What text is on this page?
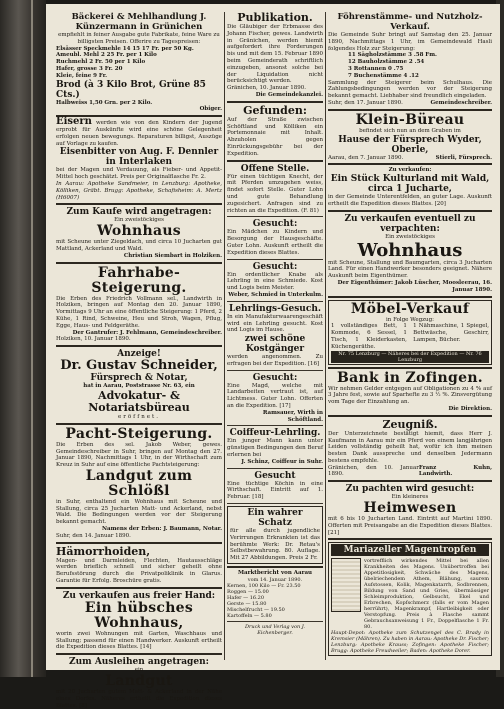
Bäckerei & Mehlhandlung J. Künzermann in Grünichen
empfiehlt in feiner Ausgabe gute Fabrikate, feine Ware zu billigsten Preisen. Offerire zu Tagespreisen:
Elsässer Speckmehle 14 15 17 Fr. per 50 Kg.
Ameubl. Mehl 2 25 Fr. per 1 Kilo
Ruchmehl 2 Fr. 50 per 1 Kilo
Hafer, grosse 3 Fr. 20
Kleie, feine 9 Fr.
Brod (à 3 Kilo Brot, Grüne 85 Cts.)
Halbweiss 1,50 Grn. per 2 Kilo.
Obiger.
Eisern werden wie von den Kindern der Jugend erprobt für Auskünfte wird eine schöne Gelegenheit erfolgen neuen bewegungs. Reparaturen billigst, Auszüge auf Vorlage zu kaufen.
Eisenbitter von Aug. F. Dennler in Interlaken
bei der Magen und Verdauung, als Fieber- und Appetit-Mittel hoch geschätzt. Preis per Originalflasche Fr. 2.
In Aarau: Apotheke Sandmeier, in Lenzburg: Apotheke, Kölliken, Gräbt. Brugg: Apotheke, Schafisheim: A. Mertz (H6007)
Zum Kaufe wird angetragen:
Ein zweistöckiges
Wohnhaus
mit Scheune unter Ziegeldach, und circa 10 Jucharten gut Mattland, Ackerland und Wald.
Christian Siembart in Holziken.
Fahrhabe-Steigerung.
Die Erben des Friedrich Vollmann sel., Landwirth in Holziken, bringen auf Montag den 20. Januar 1890, Vormittags 9 Uhr an eine öffentliche Steigerung: 1 Pferd, 2 Kühe, 1 Rind, Schweine, Heu und Stroh, Wagen, Pflug, Egge, Haus- und Feldgeräthe.
Der Gantrufer: J. Fehlmann, Gemeindeschreiber.
Holziken, 10. Januar 1890.
Anzeige!
Dr. Gustav Schneider,
Fürsprech & Notar,
hat in Aarau, Poststrasse Nr. 63, ein
Advokatur- & Notariatsbüreau
eröffnet.
Pacht-Steigerung.
Die Erben des sel. Jakob Weber, gewes. Gemeindeschreiber in Suhr, bringen auf Montag den 27. Januar 1890, Nachmittags 1 Uhr, in der Wirthschaft zum Kreuz in Suhr auf eine öffentliche Pachtsteigerung:
Landgut zum Schlößl
in Suhr, enthaltend ein Wohnhaus mit Scheune und Stallung, circa 25 Jucharten Matt- und Ackerland, nebst Wald. Die Bedingungen werden vor der Steigerung bekannt gemacht.
Namens der Erben: J. Baumann, Notar.
Suhr, den 14. Januar 1890.
Hämorrhoiden,
Magen- und Darmleiden, Flechten, Hautausschläge werden brieflich schnell und sicher geheilt ohne Berufsstörung durch die Privatpoliklinik in Glarus. Garantie für Erfolg. Broschüre gratis.
Zu verkaufen aus freier Hand:
Ein hübsches Wohnhaus,
worin zwei Wohnungen mit Garten, Waschhaus und Stallung; passend für einen Handwerker. Auskunft ertheilt die Expedition dieses Blattes. [14]
Zum Ausleihen angetragen:
ein
Landgut
mit 20 Jucharten gutem Matt- & Ackerland in der Nähe eines Dorfes. Näheres ertheilt die Expedition dieses Blattes. [8]
Publikation.
Die Gläubiger der Erbmasse des Johann Fischer, gewes. Landwirth in Gränichen, werden hiemit aufgefordert ihre Forderungen bis und mit dem 15. Februar 1890 beim Gemeinderath schriftlich einzugeben, ansonst solche bei der Liquidation nicht berücksichtigt werden.
Gränichen, 10. Januar 1890.
Die Gemeindekanzlei.
Gefunden:
Auf der Straße zwischen Schöftland und Kölliken ein Portemonnaie mit Inhalt. Abzuholen gegen Einrückungsgebühr bei der Expedition.
Offene Stelle.
Für einen tüchtigen Knecht, der mit Pferden umzugehen weiss, findet sofort Stelle. Guter Lohn und gute Behandlung zugesichert. Anfragen sind zu richten an die Expedition. (F. 81)
Gesucht:
Ein Mädchen zu Kindern und Besorgung der Hausgeschäfte. Guter Lohn. Auskunft ertheilt die Expedition dieses Blattes.
Gesucht:
Ein ordentlicher Knabe als Lehrling in eine Schmiede. Kost und Logis beim Meister.
Weber, Schmied in Unterkulm.
Lehrlings-Gesuch.
In ein Manufakturwaarengeschäft wird ein Lehrling gesucht. Kost und Logis im Hause.
zwei schöne Kostgänger
werden angenommen. Zu erfragen bei der Expedition. [16]
Gesucht:
Eine Magd, welche mit Landarbeiten vertraut ist, auf Lichtmess. Guter Lohn. Offerten an die Expedition. [17]
Ramsauer, Wirth in Schöftland.
Coiffeur-Lehrling.
Ein junger Mann kann unter günstigen Bedingungen den Beruf erlernen bei
J. Schinz, Coiffeur in Suhr.
Gesucht
Eine tüchtige Köchin in eine Wirthschaft. Eintritt auf 1. Februar. [18]
Ein wahrer Schatz
für alle durch jugendliche Verirrungen Erkrankten ist das berühmte Werk: Dr. Retau's Selbstbewahrung. 80. Auflage. Mit 27 Abbildungen. Preis 2 Fr.
Marktbericht von Aarau
vom 14. Januar 1890.
Kernen, 100 Kilo — Fr. 23.50
Roggen — 15.00
Hafer — 16.20
Gerste — 15.80
Mischelfrucht — 19.50
Kartoffeln — 5.80
Druck und Verlag von J. Eichenberger.
Föhrenstämme- und Nutzholz-Verkauf.
Die Gemeinde Suhr bringt auf Samstag den 25. Januar 1890, Nachmittags 1 Uhr, im Gemeindewald Hasli folgendes Holz zur Steigerung:
11 Sägholzstämme 3 .58 Fm.
12 Bauholzstämme 2 .54
3 Rottannen 0 .75
7 Buchenstämme 4 .12
Sammlung der Steigerer beim Schulhaus. Die Zahlungsbedingungen werden vor der Steigerung bekannt gemacht. Liebhaber sind freundlich eingeladen.
Suhr, den 17. Januar 1890.	Gemeindeschreiber.
Klein-Büreau
befindet sich nun an dem Graben im
Hause der Fürsprech Wyder, Oberle,
Aarau, den 7. Januar 1890.	Stierli, Fürsprech.
Zu verkaufen:
Ein Stück Kulturland mit Wald, circa 1 Jucharte,
in der Gemeinde Unterentfelden, an guter Lage. Auskunft ertheilt die Expedition dieses Blattes. [20]
Zu verkaufen eventuell zu verpachten:
Ein zweistöckiges
Wohnhaus
mit Scheune, Stallung und Baumgarten, circa 3 Jucharten Land. Für einen Handwerker besonders geeignet. Nähere Auskunft beim Eigenthümer.
Der Eigenthümer: Jakob Lüscher, Moosleerau, 16. Januar 1890.
Möbel-Verkauf
in Folge Wegzug:
1 vollständiges Bett, 1 Kommode, 6 Sessel, 1 Tisch, 1 Kleiderkasten, Küchengeräthe.
1 Nähmaschine, 1 Spiegel, Bettwäsche, Geschirr, Lampen, Bücher.
Nr. 75 Lenzburg — Näheres bei der Expedition — Nr. 76 Lenzburg
Bank in Zofingen.
Wir nehmen Gelder entgegen auf Obligationen zu 4 % auf 3 Jahre fest, sowie auf Sparhefte zu 3 ½ %. Zinsvergütung vom Tage der Einzahlung an.
Die Direktion.
Zeugniß.
Der Unterzeichnete bestätigt hiemit, dass Herr J. Kaufmann in Aarau mir ein Pferd von einem langjährigen Leiden vollständig geheilt hat, wofür ich ihm meinen besten Dank ausspreche und denselben Jedermann bestens empfehle.
Gränichen, den 10. Januar 1890.
Franz Kuhn, Landwirth.
Zu pachten wird gesucht:
Ein kleineres
Heimwesen
mit 6 bis 10 Jucharten Land. Eintritt auf Martini 1890. Offerten mit Preisangabe an die Expedition dieses Blattes. [21]
Mariazeller Magentropfen
vortrefflich wirkendes Mittel bei allen Krankheiten des Magens. Unübertroffen bei Appetitlosigkeit, Schwäche des Magens, übelriechendem Athem, Blähung, saurem Aufstossen, Kolik, Magenkatarrh, Sodbrennen, Bildung von Sand und Gries, übermässiger Schleimproduktion, Gelbsucht, Ekel und Erbrechen, Kopfschmerz (falls er vom Magen herrührt), Magenkrampf, Hartleibigkeit oder Verstopfung. Preis à Flasche sammt Gebrauchsanweisung 1 Fr., Doppelflasche 1 Fr. 80.
Haupt-Depot: Apotheke zum Schutzengel des C. Brady in Kremsier (Mähren). Zu haben in Aarau: Apotheke Dr. Fischer; Lenzburg: Apotheke Krauss; Zofingen: Apotheke Fischer; Brugg: Apotheke Freudweiler; Baden: Apotheke Dorer.
